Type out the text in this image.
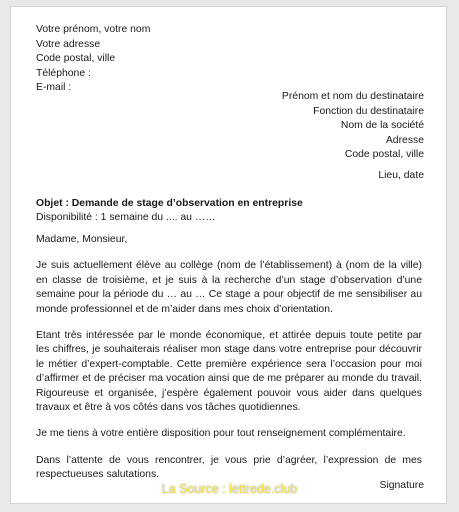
Votre prénom, votre nom
Votre adresse
Code postal, ville
Téléphone :
E-mail :
Prénom et nom du destinataire
Fonction du destinataire
Nom de la société
Adresse
Code postal, ville
Lieu, date
Objet : Demande de stage d’observation en entreprise
Disponibilité : 1 semaine du .... au ……

Madame, Monsieur,

Je suis actuellement élève au collège (nom de l’établissement) à (nom de la ville) en classe de troisième, et je suis à la recherche d’un stage d’observation d’une semaine pour la période du … au … Ce stage a pour objectif de me sensibiliser au monde professionnel et de m’aider dans mes choix d’orientation.

Etant très intéressée par le monde économique, et attirée depuis toute petite par les chiffres, je souhaiterais réaliser mon stage dans votre entreprise pour découvrir le métier d’expert-comptable. Cette première expérience sera l’occasion pour moi d’affirmer et de préciser ma vocation ainsi que de me préparer au monde du travail. Rigoureuse et organisée, j’espère également pouvoir vous aider dans quelques travaux et être à vos côtés dans vos tâches quotidiennes.

Je me tiens à votre entière disposition pour tout renseignement complémentaire.

Dans l’attente de vous rencontrer, je vous prie d’agréer, l’expression de mes respectueuses salutations.

Signature
La Source : lettrede.club
